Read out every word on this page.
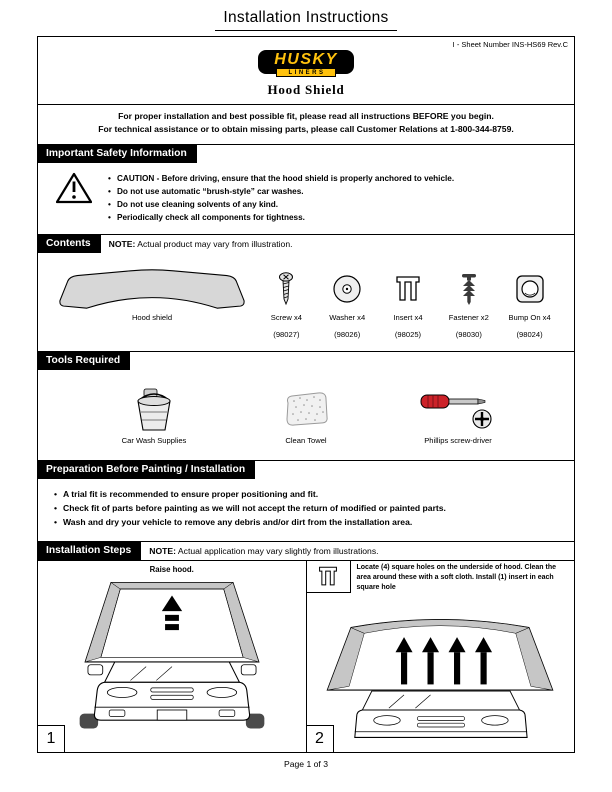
Installation Instructions
I - Sheet Number INS-HS69 Rev.C
HUSKY
LINERS
Hood Shield
For proper installation and best possible fit, please read all instructions BEFORE you begin.
For technical assistance or to obtain missing parts, please call Customer Relations at 1-800-344-8759.
Important Safety Information
• CAUTION - Before driving, ensure that the hood shield is properly anchored to vehicle.
• Do not use automatic “brush-style” car washes.
• Do not use cleaning solvents of any kind.
• Periodically check all components for tightness.
Contents	NOTE: Actual product may vary from illustration.
Hood shield	Screw x4
(98027)
Washer x4
(98026)
Insert x4
(98025)
Fastener x2
(98030)
Bump On x4
(98024)
Tools Required
Car Wash Supplies	Clean Towel	Phillips screw-driver
Preparation Before Painting / Installation
• A trial fit is recommended to ensure proper positioning and fit.
• Check fit of parts before painting as we will not accept the return of modified or painted parts.
• Wash and dry your vehicle to remove any debris and/or dirt from the installation area.
Installation Steps	NOTE: Actual application may vary slightly from illustrations.
Raise hood.
1
Locate (4) square holes on the underside of hood. Clean the area around these with a soft cloth. Install (1) insert in each square hole
2
Page 1 of 3
